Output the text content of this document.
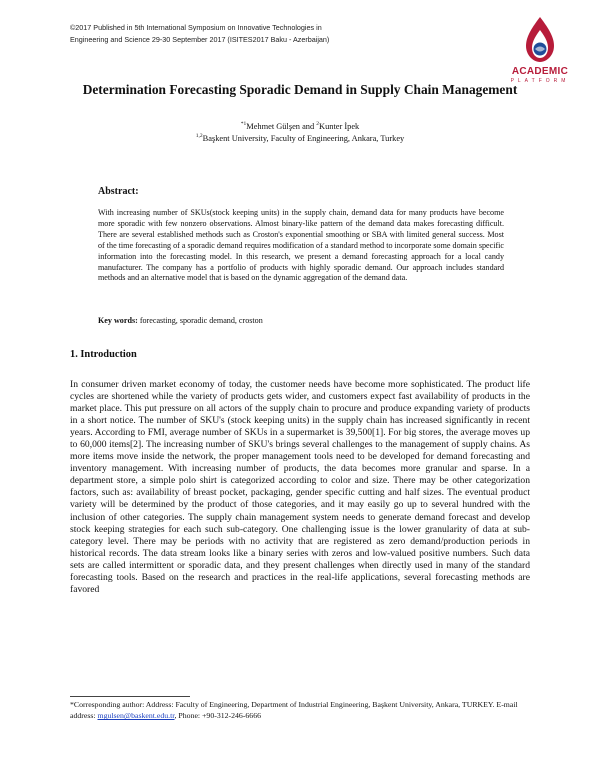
©2017 Published in 5th International Symposium on Innovative Technologies in
Engineering and Science 29-30 September 2017 (ISITES2017 Baku - Azerbaijan)
ACADEMIC
PLATFORM
Determination Forecasting Sporadic Demand in Supply Chain Management
$^{*1}$Mehmet Gülşen and $^2$Kunter İpek
$^{1,2}$Başkent University, Faculty of Engineering, Ankara, Turkey
Abstract:
With increasing number of SKUs(stock keeping units) in the supply chain, demand data for many products have become more sporadic with few nonzero observations. Almost binary-like pattern of the demand data makes forecasting difficult. There are several established methods such as Croston's exponential smoothing or SBA with limited general success. Most of the time forecasting of a sporadic demand requires modification of a standard method to incorporate some domain specific information into the forecasting model. In this research, we present a demand forecasting approach for a local candy manufacturer. The company has a portfolio of products with highly sporadic demand. Our approach includes standard methods and an alternative model that is based on the dynamic aggregation of the demand data.
Key words: forecasting, sporadic demand, croston
1. Introduction
In consumer driven market economy of today, the customer needs have become more sophisticated. The product life cycles are shortened while the variety of products gets wider, and customers expect fast availability of products in the market place. This put pressure on all actors of the supply chain to procure and produce expanding variety of products in a short notice. The number of SKU's (stock keeping units) in the supply chain has increased significantly in recent years. According to FMI, average number of SKUs in a supermarket is 39,500[1]. For big stores, the average moves up to 60,000 items[2]. The increasing number of SKU's brings several challenges to the management of supply chains. As more items move inside the network, the proper management tools need to be developed for demand forecasting and inventory management. With increasing number of products, the data becomes more granular and sparse. In a department store, a simple polo shirt is categorized according to color and size. There may be other categorization factors, such as: availability of breast pocket, packaging, gender specific cutting and half sizes. The eventual product variety will be determined by the product of those categories, and it may easily go up to several hundred with the inclusion of other categories. The supply chain management system needs to generate demand forecast and develop stock keeping strategies for each such sub-category. One challenging issue is the lower granularity of data at sub-category level. There may be periods with no activity that are registered as zero demand/production periods in historical records. The data stream looks like a binary series with zeros and low-valued positive numbers. Such data sets are called intermittent or sporadic data, and they present challenges when directly used in many of the standard forecasting tools. Based on the research and practices in the real-life applications, several forecasting methods are favored
*Corresponding author: Address: Faculty of Engineering, Department of Industrial Engineering, Başkent University, Ankara, TURKEY. E-mail address: mgulsen@baskent.edu.tr, Phone: +90-312-246-6666
